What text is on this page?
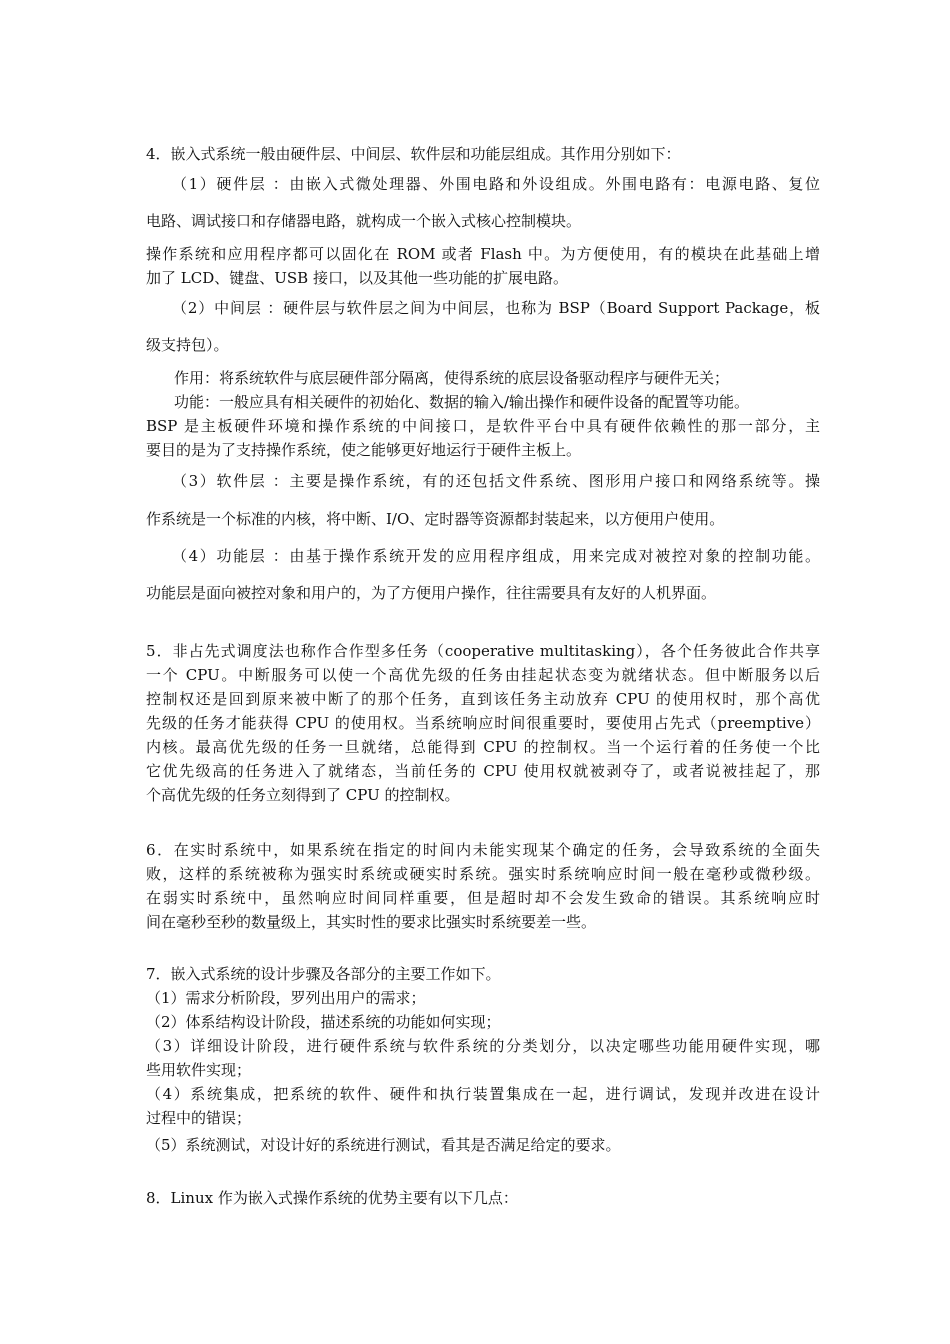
4．嵌入式系统一般由硬件层、中间层、软件层和功能层组成。其作用分别如下：
（1）硬件层 ：由嵌入式微处理器、外围电路和外设组成。外围电路有：电源电路、复位
电路、调试接口和存储器电路，就构成一个嵌入式核心控制模块。
操作系统和应用程序都可以固化在 ROM 或者 Flash 中。为方便使用，有的模块在此基础上增
加了 LCD、键盘、USB 接口，以及其他一些功能的扩展电路。
（2）中间层 ：硬件层与软件层之间为中间层，也称为 BSP（Board Support Package，板
级支持包）。
作用：将系统软件与底层硬件部分隔离，使得系统的底层设备驱动程序与硬件无关；
功能：一般应具有相关硬件的初始化、数据的输入/输出操作和硬件设备的配置等功能。
BSP 是主板硬件环境和操作系统的中间接口，是软件平台中具有硬件依赖性的那一部分，主
要目的是为了支持操作系统，使之能够更好地运行于硬件主板上。
（3）软件层 ：主要是操作系统，有的还包括文件系统、图形用户接口和网络系统等。操
作系统是一个标准的内核，将中断、I/O、定时器等资源都封装起来，以方便用户使用。
（4）功能层 ：由基于操作系统开发的应用程序组成，用来完成对被控对象的控制功能。
功能层是面向被控对象和用户的，为了方便用户操作，往往需要具有友好的人机界面。
5．非占先式调度法也称作合作型多任务（cooperative multitasking），各个任务彼此合作共享
一个 CPU。中断服务可以使一个高优先级的任务由挂起状态变为就绪状态。但中断服务以后
控制权还是回到原来被中断了的那个任务，直到该任务主动放弃 CPU 的使用权时，那个高优
先级的任务才能获得 CPU 的使用权。当系统响应时间很重要时，要使用占先式（preemptive）
内核。最高优先级的任务一旦就绪，总能得到 CPU 的控制权。当一个运行着的任务使一个比
它优先级高的任务进入了就绪态，当前任务的 CPU 使用权就被剥夺了，或者说被挂起了，那
个高优先级的任务立刻得到了 CPU 的控制权。
6．在实时系统中，如果系统在指定的时间内未能实现某个确定的任务，会导致系统的全面失
败，这样的系统被称为强实时系统或硬实时系统。强实时系统响应时间一般在毫秒或微秒级。
在弱实时系统中，虽然响应时间同样重要，但是超时却不会发生致命的错误。其系统响应时
间在毫秒至秒的数量级上，其实时性的要求比强实时系统要差一些。
7．嵌入式系统的设计步骤及各部分的主要工作如下。
（1）需求分析阶段，罗列出用户的需求；
（2）体系结构设计阶段，描述系统的功能如何实现；
（3）详细设计阶段，进行硬件系统与软件系统的分类划分，以决定哪些功能用硬件实现，哪
些用软件实现；
（4）系统集成，把系统的软件、硬件和执行装置集成在一起，进行调试，发现并改进在设计
过程中的错误；
（5）系统测试，对设计好的系统进行测试，看其是否满足给定的要求。
8．Linux 作为嵌入式操作系统的优势主要有以下几点：
